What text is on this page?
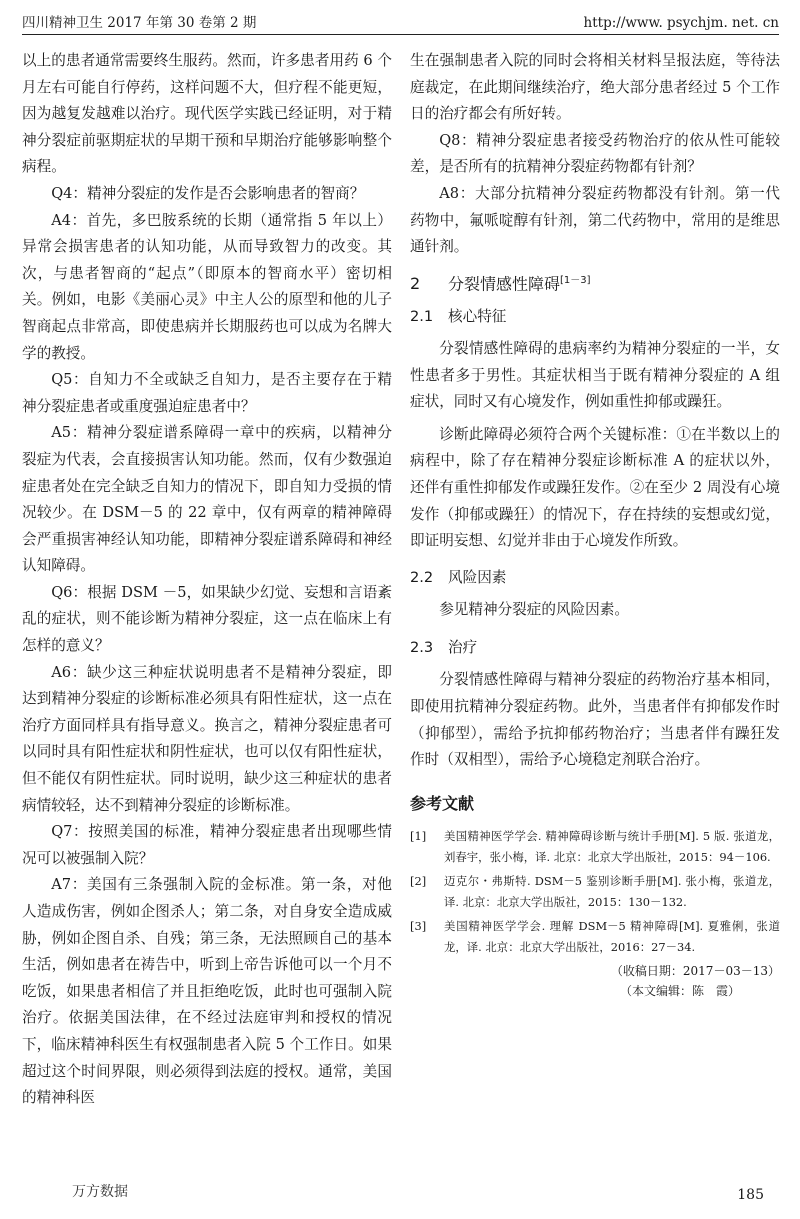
四川精神卫生 2017 年第 30 卷第 2 期	http://www. psychjm. net. cn

以上的患者通常需要终生服药。然而，许多患者用药 6 个月左右可能自行停药，这样问题不大，但疗程不能更短，因为越复发越难以治疗。现代医学实践已经证明，对于精神分裂症前驱期症状的早期干预和早期治疗能够影响整个病程。

Q4：精神分裂症的发作是否会影响患者的智商？

A4：首先，多巴胺系统的长期（通常指 5 年以上）异常会损害患者的认知功能，从而导致智力的改变。其次，与患者智商的“起点”（即原本的智商水平）密切相关。例如，电影《美丽心灵》中主人公的原型和他的儿子智商起点非常高，即使患病并长期服药也可以成为名牌大学的教授。

Q5：自知力不全或缺乏自知力，是否主要存在于精神分裂症患者或重度强迫症患者中？

A5：精神分裂症谱系障碍一章中的疾病，以精神分裂症为代表，会直接损害认知功能。然而，仅有少数强迫症患者处在完全缺乏自知力的情况下，即自知力受损的情况较少。在 DSM－5 的 22 章中，仅有两章的精神障碍会严重损害神经认知功能，即精神分裂症谱系障碍和神经认知障碍。

Q6：根据 DSM －5，如果缺少幻觉、妄想和言语紊乱的症状，则不能诊断为精神分裂症，这一点在临床上有怎样的意义？

A6：缺少这三种症状说明患者不是精神分裂症，即达到精神分裂症的诊断标准必须具有阳性症状，这一点在治疗方面同样具有指导意义。换言之，精神分裂症患者可以同时具有阳性症状和阴性症状，也可以仅有阳性症状，但不能仅有阴性症状。同时说明，缺少这三种症状的患者病情较轻，达不到精神分裂症的诊断标准。

Q7：按照美国的标准，精神分裂症患者出现哪些情况可以被强制入院？

A7：美国有三条强制入院的金标准。第一条，对他人造成伤害，例如企图杀人；第二条，对自身安全造成威胁，例如企图自杀、自残；第三条，无法照顾自己的基本生活，例如患者在祷告中，听到上帝告诉他可以一个月不吃饭，如果患者相信了并且拒绝吃饭，此时也可强制入院治疗。依据美国法律，在不经过法庭审判和授权的情况下，临床精神科医生有权强制患者入院 5 个工作日。如果超过这个时间界限，则必须得到法庭的授权。通常，美国的精神科医

生在强制患者入院的同时会将相关材料呈报法庭，等待法庭裁定，在此期间继续治疗，绝大部分患者经过 5 个工作日的治疗都会有所好转。

Q8：精神分裂症患者接受药物治疗的依从性可能较差，是否所有的抗精神分裂症药物都有针剂？

A8：大部分抗精神分裂症药物都没有针剂。第一代药物中，氟哌啶醇有针剂，第二代药物中，常用的是维思通针剂。

2 分裂情感性障碍[1－3]
2.1 核心特征

分裂情感性障碍的患病率约为精神分裂症的一半，女性患者多于男性。其症状相当于既有精神分裂症的 A 组症状，同时又有心境发作，例如重性抑郁或躁狂。

诊断此障碍必须符合两个关键标准：①在半数以上的病程中，除了存在精神分裂症诊断标准 A 的症状以外，还伴有重性抑郁发作或躁狂发作。②在至少 2 周没有心境发作（抑郁或躁狂）的情况下，存在持续的妄想或幻觉，即证明妄想、幻觉并非由于心境发作所致。

2.2 风险因素

参见精神分裂症的风险因素。

2.3 治疗

分裂情感性障碍与精神分裂症的药物治疗基本相同，即使用抗精神分裂症药物。此外，当患者伴有抑郁发作时（抑郁型），需给予抗抑郁药物治疗；当患者伴有躁狂发作时（双相型），需给予心境稳定剂联合治疗。

参考文献
[1] 美国精神医学学会. 精神障碍诊断与统计手册[M]. 5 版. 张道龙，刘春宇，张小梅，译. 北京：北京大学出版社，2015：94－106.
[2] 迈克尔・弗斯特. DSM－5 鉴别诊断手册[M]. 张小梅，张道龙，译. 北京：北京大学出版社，2015：130－132.
[3] 美国精神医学学会. 理解 DSM－5 精神障碍[M]. 夏雅俐，张道龙，译. 北京：北京大学出版社，2016：27－34.
（收稿日期：2017－03－13）
（本文编辑：陈　霞）
万方数据	185
